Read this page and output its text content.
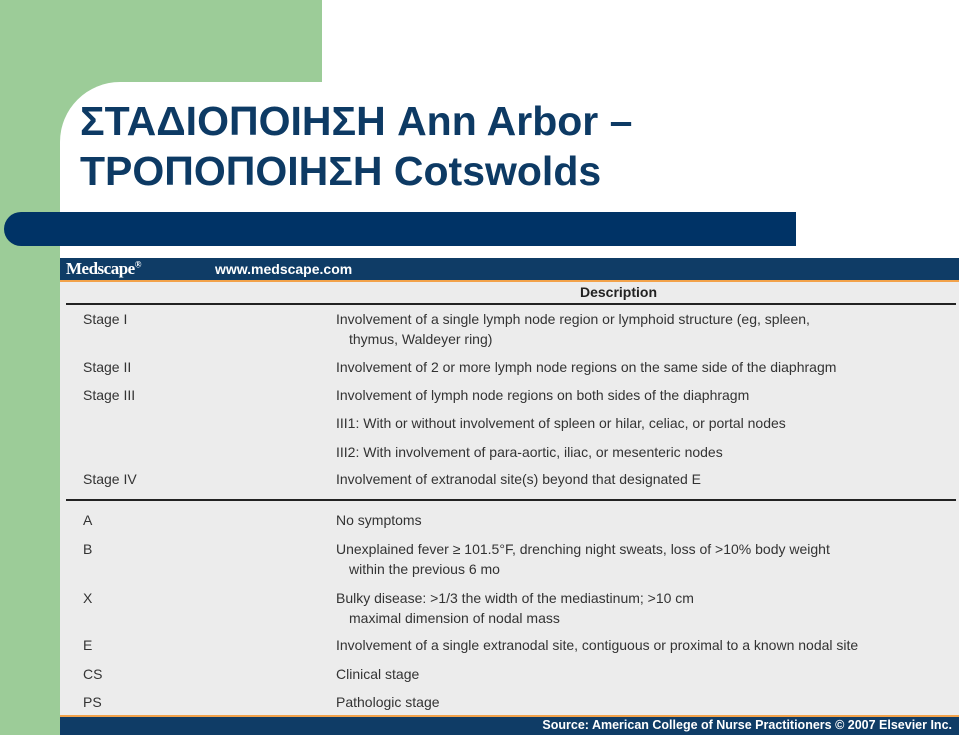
ΣΤΑΔΙΟΠΟΙΗΣΗ Ann Arbor –
ΤΡΟΠΟΠΟΙΗΣΗ Cotswolds
Medscape®	www.medscape.com
Description
Stage I	Involvement of a single lymph node region or lymphoid structure (eg, spleen,
thymus, Waldeyer ring)
Stage II	Involvement of 2 or more lymph node regions on the same side of the diaphragm
Stage III	Involvement of lymph node regions on both sides of the diaphragm
III1: With or without involvement of spleen or hilar, celiac, or portal nodes
III2: With involvement of para-aortic, iliac, or mesenteric nodes
Stage IV	Involvement of extranodal site(s) beyond that designated E
A	No symptoms
B	Unexplained fever ≥ 101.5°F, drenching night sweats, loss of >10% body weight
within the previous 6 mo
X	Bulky disease: >1/3 the width of the mediastinum; >10 cm
maximal dimension of nodal mass
E	Involvement of a single extranodal site, contiguous or proximal to a known nodal site
CS	Clinical stage
PS	Pathologic stage
Source: American College of Nurse Practitioners © 2007 Elsevier Inc.
